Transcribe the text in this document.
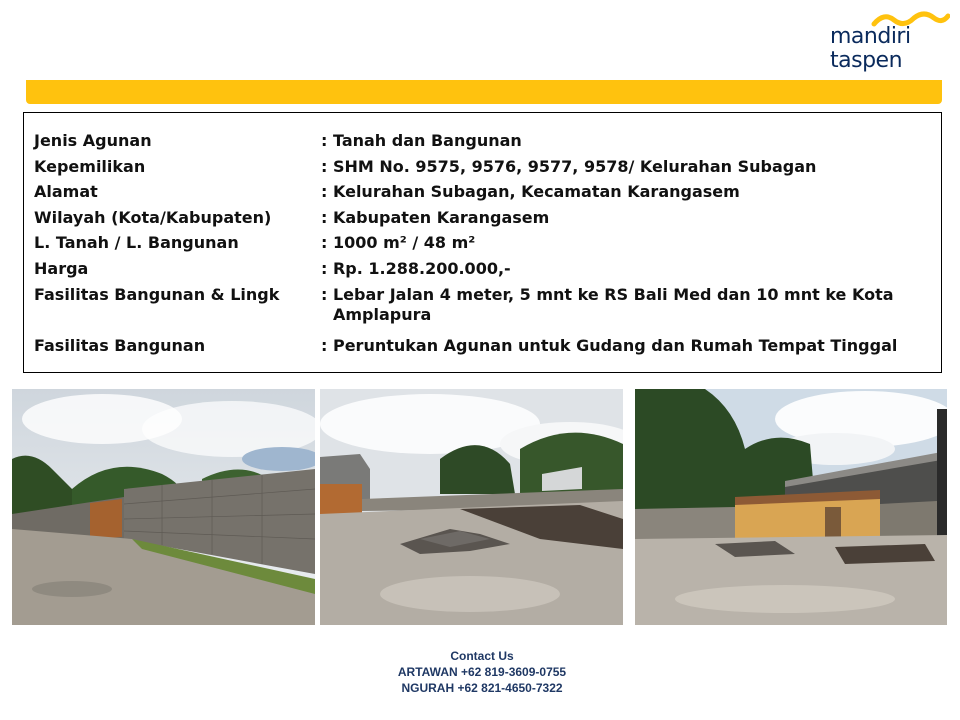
mandiri
taspen
Jenis Agunan	: Tanah dan Bangunan
Kepemilikan	: SHM No. 9575, 9576, 9577, 9578/ Kelurahan Subagan
Alamat	: Kelurahan Subagan, Kecamatan Karangasem
Wilayah (Kota/Kabupaten)	: Kabupaten Karangasem
L. Tanah / L. Bangunan	: 1000 m² / 48 m²
Harga	: Rp. 1.288.200.000,-
Fasilitas Bangunan & Lingk	: Lebar Jalan 4 meter, 5 mnt ke RS Bali Med dan 10 mnt ke Kota
Amplapura
Fasilitas Bangunan	: Peruntukan Agunan untuk Gudang dan Rumah Tempat Tinggal
Contact Us
ARTAWAN +62 819-3609-0755
NGURAH +62 821-4650-7322
